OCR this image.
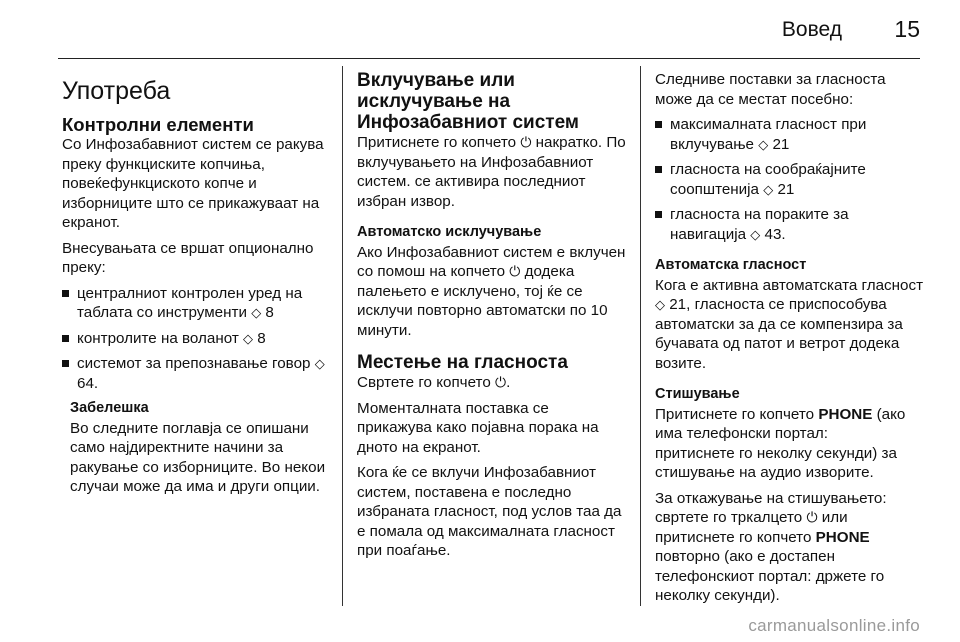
Вовед 15
Употреба
Контролни елементи

Со Инфозабавниот систем се ракува преку функциските копчиња, повеќефункциското копче и изборниците што се прикажуваат на екранот.

Внесувањата се вршат опционално преку:

централниот контролен уред на таблата со инструменти ◇ 8
контролите на воланот ◇ 8
системот за препознавање говор ◇ 64.
Забелешка

Во следните поглавја се опишани само најдиректните начини за ракување со изборниците. Во некои случаи може да има и други опции.

Вклучување или исклучување на Инфозабавниот систем

Притиснете го копчето ⏻ накратко. По вклучувањето на Инфозабавниот систем. се активира последниот избран извор.

Автоматско исклучување

Ако Инфозабавниот систем е вклучен со помош на копчето ⏻ додека палењето е исклучено, тој ќе се исклучи повторно автоматски по 10 минути.

Местење на гласноста

Свртете го копчето ⏻.

Моменталната поставка се прикажува како појавна порака на дното на екранот.

Кога ќе се вклучи Инфозабавниот систем, поставена е последно избраната гласност, под услов таа да е помала од максималната гласност при поаѓање.

Следниве поставки за гласноста може да се местат посебно:

максималната гласност при вклучување ◇ 21
гласноста на сообраќајните соопштенија ◇ 21
гласноста на пораките за навигација ◇ 43.
Автоматска гласност

Кога е активна автоматската гласност ◇ 21, гласноста се приспособува автоматски за да се компензира за бучавата од патот и ветрот додека возите.

Стишување

Притиснете го копчето PHONE (ако има телефонски портал:
притиснете го неколку секунди) за стишување на аудио изворите.

За откажување на стишувањето:
свртете го тркалцето ⏻ или
притиснете го копчето PHONE
повторно (ако е достапен телефонскиот портал: држете го неколку секунди).

carmanualsonline.info
